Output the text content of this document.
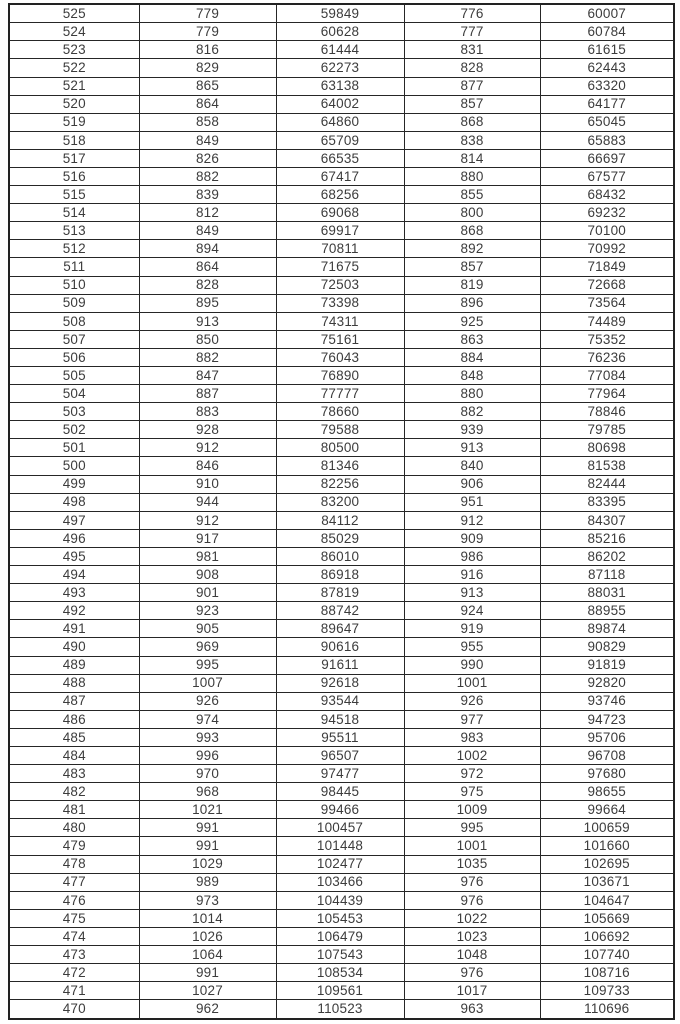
525	779	59849	776	60007
524	779	60628	777	60784
523	816	61444	831	61615
522	829	62273	828	62443
521	865	63138	877	63320
520	864	64002	857	64177
519	858	64860	868	65045
518	849	65709	838	65883
517	826	66535	814	66697
516	882	67417	880	67577
515	839	68256	855	68432
514	812	69068	800	69232
513	849	69917	868	70100
512	894	70811	892	70992
511	864	71675	857	71849
510	828	72503	819	72668
509	895	73398	896	73564
508	913	74311	925	74489
507	850	75161	863	75352
506	882	76043	884	76236
505	847	76890	848	77084
504	887	77777	880	77964
503	883	78660	882	78846
502	928	79588	939	79785
501	912	80500	913	80698
500	846	81346	840	81538
499	910	82256	906	82444
498	944	83200	951	83395
497	912	84112	912	84307
496	917	85029	909	85216
495	981	86010	986	86202
494	908	86918	916	87118
493	901	87819	913	88031
492	923	88742	924	88955
491	905	89647	919	89874
490	969	90616	955	90829
489	995	91611	990	91819
488	1007	92618	1001	92820
487	926	93544	926	93746
486	974	94518	977	94723
485	993	95511	983	95706
484	996	96507	1002	96708
483	970	97477	972	97680
482	968	98445	975	98655
481	1021	99466	1009	99664
480	991	100457	995	100659
479	991	101448	1001	101660
478	1029	102477	1035	102695
477	989	103466	976	103671
476	973	104439	976	104647
475	1014	105453	1022	105669
474	1026	106479	1023	106692
473	1064	107543	1048	107740
472	991	108534	976	108716
471	1027	109561	1017	109733
470	962	110523	963	110696
